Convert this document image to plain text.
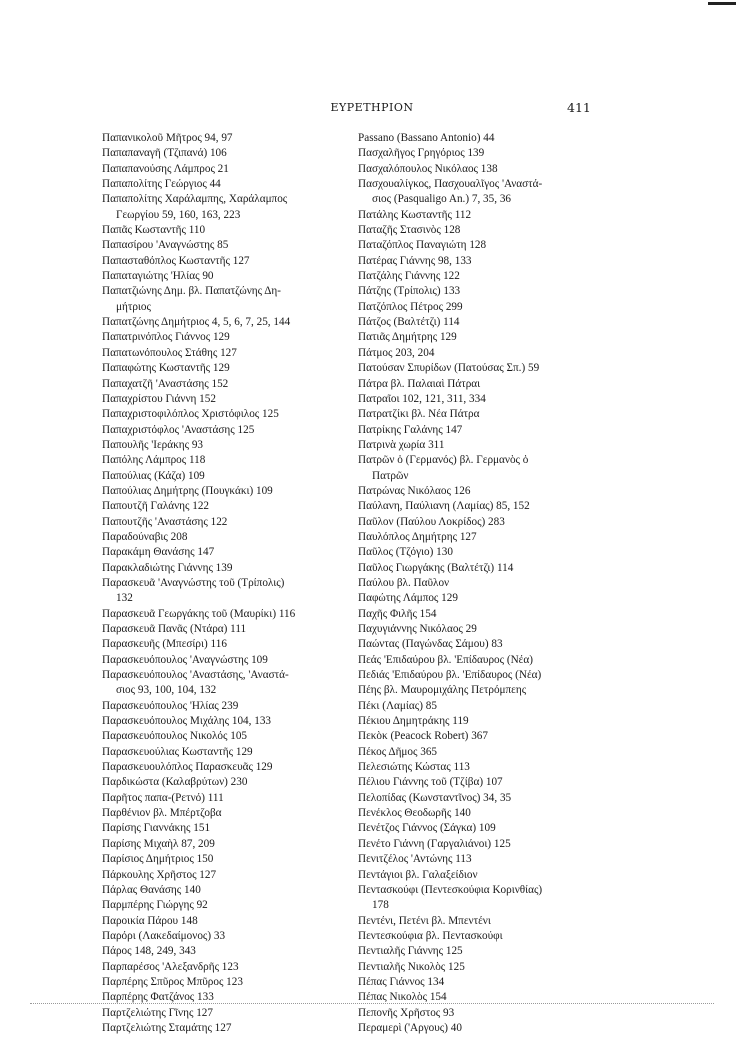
ΕΥΡΕΤΗΡΙΟΝ	411
Παπανικολοῦ Μῆτρος 94, 97
Παπαπαναγῆ (Τζιπανά) 106
Παπαπανούσης Λάμπρος 21
Παπαπολίτης Γεώργιος 44
Παπαπολίτης Χαράλαμπης, Χαράλαμπος
Γεωργίου 59, 160, 163, 223
Παπᾶς Κωσταντῆς 110
Παπασίρου 'Αναγνώστης 85
Παπασταθόπλος Κωσταντῆς 127
Παπαταγιώτης 'Ηλίας 90
Παπατζιώνης Δημ. βλ. Παπατζώνης Δη-
μήτριος
Παπατζώνης Δημήτριος 4, 5, 6, 7, 25, 144
Παπατρινόπλος Γιάννος 129
Παπατωνόπουλος Στάθης 127
Παπαφώτης Κωσταντῆς 129
Παπαχατζῆ 'Αναστάσης 152
Παπαχρίστου Γιάννη 152
Παπαχριστοφιλόπλος Χριστόφιλος 125
Παπαχριστόφλος 'Αναστάσης 125
Παπουλῆς 'Ιεράκης 93
Παπόλης Λάμπρος 118
Παπούλιας (Κάζα) 109
Παπούλιας Δημήτρης (Πουγκάκι) 109
Παπουτζῆ Γαλάνης 122
Παπουτζῆς 'Αναστάσης 122
Παραδούναβις 208
Παρακάμη Θανάσης 147
Παρακλαδιώτης Γιάννης 139
Παρασκευᾶ 'Αναγνώστης τοῦ (Τρίπολις)
132
Παρασκευᾶ Γεωργάκης τοῦ (Μαυρίκι) 116
Παρασκευᾶ Πανᾶς (Ντάρα) 111
Παρασκευῆς (Μπεσίρι) 116
Παρασκευόπουλος 'Αναγνώστης 109
Παρασκευόπουλος 'Αναστάσης, 'Αναστά-
σιος 93, 100, 104, 132
Παρασκευόπουλος 'Ηλίας 239
Παρασκευόπουλος Μιχάλης 104, 133
Παρασκευόπουλος Νικολός 105
Παρασκευούλιας Κωσταντῆς 129
Παρασκευουλόπλος Παρασκευᾶς 129
Παρδικώστα (Καλαβρύτων) 230
Παρῆτος παπα-(Ρετνό) 111
Παρθένιον βλ. Μπέρτζοβα
Παρίσης Γιαννάκης 151
Παρίσης Μιχαὴλ 87, 209
Παρίσιος Δημήτριος 150
Πάρκουλης Χρῆστος 127
Πάρλας Θανάσης 140
Παρμπέρης Γιώργης 92
Παροικία Πάρου 148
Παρόρι (Λακεδαίμονος) 33
Πάρος 148, 249, 343
Παρπαρέσος 'Αλεξανδρῆς 123
Παρπέρης Σπῦρος Μπῦρος 123
Παρπέρης Φατζάνος 133
Παρτζελιώτης Γῖνης 127
Παρτζελιώτης Σταμάτης 127
Passano (Bassano Antonio) 44
Πασχαλῆγος Γρηγόριος 139
Πασχαλόπουλος Νικόλαος 138
Πασχουαλίγκος, Πασχουαλῖγος 'Αναστά-
σιος (Pasqualigo An.) 7, 35, 36
Πατάλης Κωσταντῆς 112
Παταζῆς Στασινὸς 128
Παταζόπλος Παναγιώτη 128
Πατέρας Γιάννης 98, 133
Πατζάλης Γιάννης 122
Πάτζης (Τρίπολις) 133
Πατζόπλος Πέτρος 299
Πάτζος (Βαλτέτζι) 114
Πατιᾶς Δημήτρης 129
Πάτμος 203, 204
Πατούσαν Σπυρίδων (Πατούσας Σπ.) 59
Πάτρα βλ. Παλαιαὶ Πάτραι
Πατραῖοι 102, 121, 311, 334
Πατρατζίκι βλ. Νέα Πάτρα
Πατρίκης Γαλάνης 147
Πατρινὰ χωρία 311
Πατρῶν ὁ (Γερμανός) βλ. Γερμανὸς ὁ
Πατρῶν
Πατρώνας Νικόλαος 126
Παύλανη, Παύλιανη (Λαμίας) 85, 152
Παῦλον (Παύλου Λοκρίδος) 283
Παυλόπλος Δημήτρης 127
Παῦλος (Τζόγιο) 130
Παῦλος Γιωργάκης (Βαλτέτζι) 114
Παύλου βλ. Παῦλον
Παφώτης Λάμπος 129
Παχῆς Φιλῆς 154
Παχυγιάννης Νικόλαος 29
Παώντας (Παγώνδας Σάμου) 83
Πεάς 'Επιδαύρου βλ. 'Επίδαυρος (Νέα)
Πεδιάς 'Επιδαύρου βλ. 'Επίδαυρος (Νέα)
Πέης βλ. Μαυρομιχάλης Πετρόμπεης
Πέκι (Λαμίας) 85
Πέκιου Δημητράκης 119
Πεκὸκ (Peacock Robert) 367
Πέκος Δῆμος 365
Πελεσιώτης Κώστας 113
Πέλιου Γιάννης τοῦ (Τζίβα) 107
Πελοπίδας (Κωνσταντῖνος) 34, 35
Πενέκλος Θεοδωρῆς 140
Πενέτζος Γιάννος (Σάγκα) 109
Πενέτο Γιάννη (Γαργαλιάνοι) 125
Πενιτζέλος 'Αντώνης 113
Πεντάγιοι βλ. Γαλαξείδιον
Πεντασκούφι (Πεντεσκούφια Κορινθίας)
178
Πεντένι, Πετένι βλ. Μπεντένι
Πεντεσκούφια βλ. Πεντασκούφι
Πεντιαλῆς Γιάννης 125
Πεντιαλῆς Νικολὸς 125
Πέπας Γιάννος 134
Πέπας Νικολὸς 154
Πεπονῆς Χρῆστος 93
Περαμερὶ ('Αργους) 40
